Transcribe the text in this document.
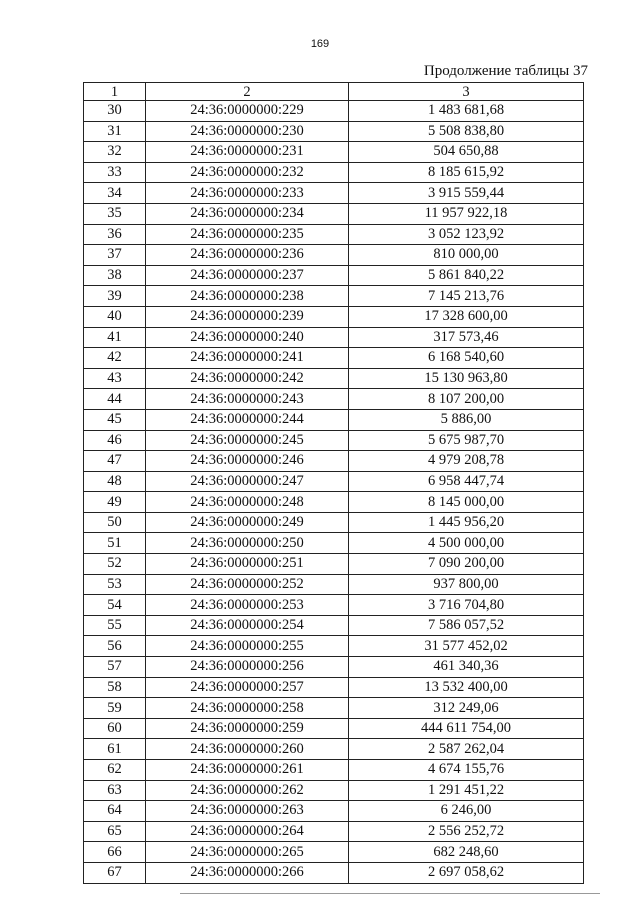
169
Продолжение таблицы 37
1	2	3
30	24:36:0000000:229	1 483 681,68
31	24:36:0000000:230	5 508 838,80
32	24:36:0000000:231	504 650,88
33	24:36:0000000:232	8 185 615,92
34	24:36:0000000:233	3 915 559,44
35	24:36:0000000:234	11 957 922,18
36	24:36:0000000:235	3 052 123,92
37	24:36:0000000:236	810 000,00
38	24:36:0000000:237	5 861 840,22
39	24:36:0000000:238	7 145 213,76
40	24:36:0000000:239	17 328 600,00
41	24:36:0000000:240	317 573,46
42	24:36:0000000:241	6 168 540,60
43	24:36:0000000:242	15 130 963,80
44	24:36:0000000:243	8 107 200,00
45	24:36:0000000:244	5 886,00
46	24:36:0000000:245	5 675 987,70
47	24:36:0000000:246	4 979 208,78
48	24:36:0000000:247	6 958 447,74
49	24:36:0000000:248	8 145 000,00
50	24:36:0000000:249	1 445 956,20
51	24:36:0000000:250	4 500 000,00
52	24:36:0000000:251	7 090 200,00
53	24:36:0000000:252	937 800,00
54	24:36:0000000:253	3 716 704,80
55	24:36:0000000:254	7 586 057,52
56	24:36:0000000:255	31 577 452,02
57	24:36:0000000:256	461 340,36
58	24:36:0000000:257	13 532 400,00
59	24:36:0000000:258	312 249,06
60	24:36:0000000:259	444 611 754,00
61	24:36:0000000:260	2 587 262,04
62	24:36:0000000:261	4 674 155,76
63	24:36:0000000:262	1 291 451,22
64	24:36:0000000:263	6 246,00
65	24:36:0000000:264	2 556 252,72
66	24:36:0000000:265	682 248,60
67	24:36:0000000:266	2 697 058,62
